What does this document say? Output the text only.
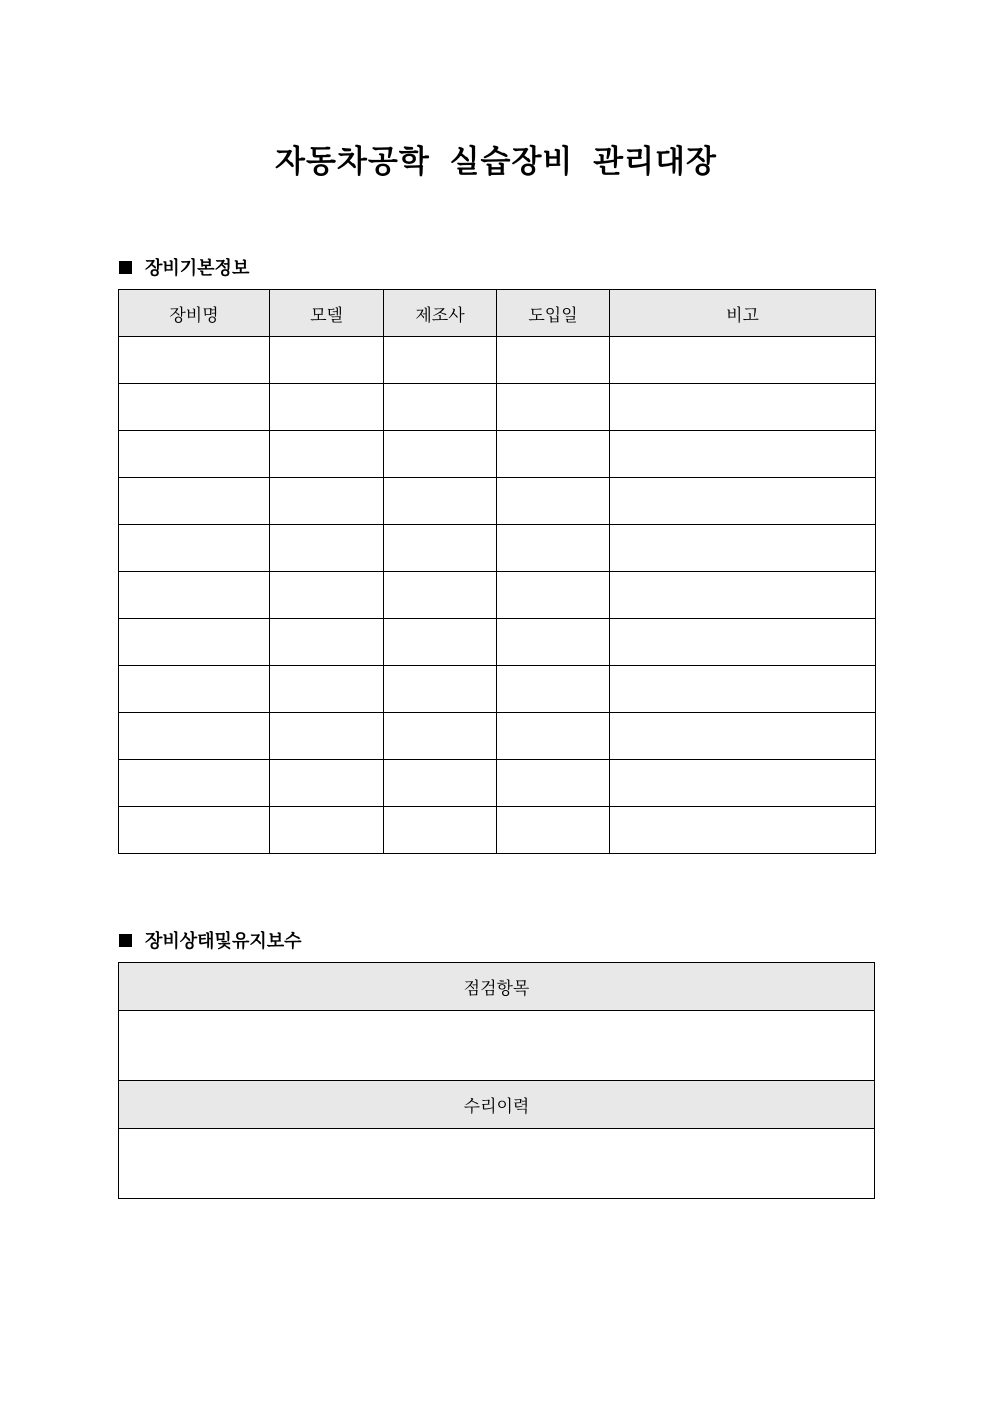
자동차공학 실습장비 관리대장
장비기본정보
장비명	모델	제조사	도입일	비고

장비상태및유지보수
점검항목

수리이력
